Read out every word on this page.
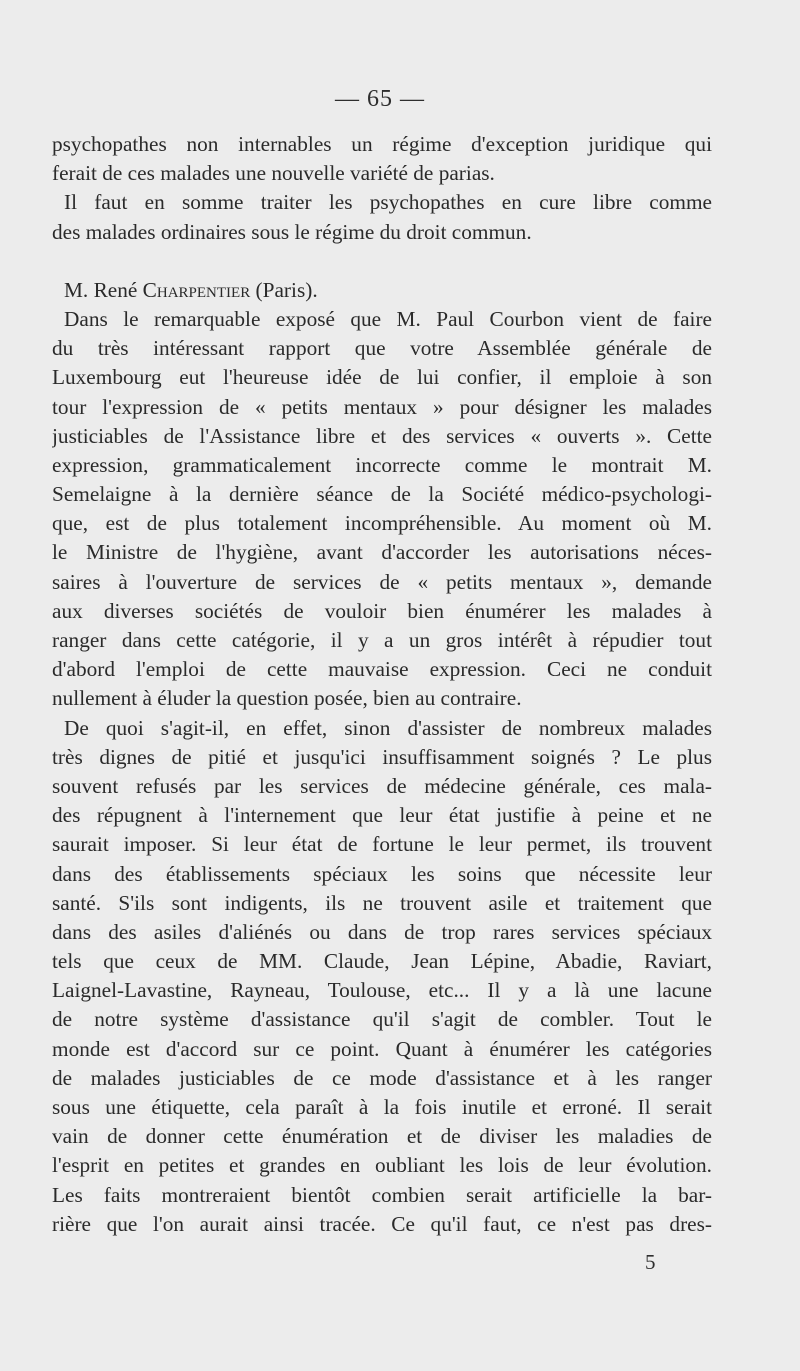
— 65 —
psychopathes non internables un régime d'exception juridique qui
ferait de ces malades une nouvelle variété de parias.
Il faut en somme traiter les psychopathes en cure libre comme
des malades ordinaires sous le régime du droit commun.
M. René Charpentier (Paris).
Dans le remarquable exposé que M. Paul Courbon vient de faire
du très intéressant rapport que votre Assemblée générale de
Luxembourg eut l'heureuse idée de lui confier, il emploie à son
tour l'expression de « petits mentaux » pour désigner les malades
justiciables de l'Assistance libre et des services « ouverts ». Cette
expression, grammaticalement incorrecte comme le montrait M.
Semelaigne à la dernière séance de la Société médico-psychologi-
que, est de plus totalement incompréhensible. Au moment où M.
le Ministre de l'hygiène, avant d'accorder les autorisations néces-
saires à l'ouverture de services de « petits mentaux », demande
aux diverses sociétés de vouloir bien énumérer les malades à
ranger dans cette catégorie, il y a un gros intérêt à répudier tout
d'abord l'emploi de cette mauvaise expression. Ceci ne conduit
nullement à éluder la question posée, bien au contraire.
De quoi s'agit-il, en effet, sinon d'assister de nombreux malades
très dignes de pitié et jusqu'ici insuffisamment soignés ? Le plus
souvent refusés par les services de médecine générale, ces mala-
des répugnent à l'internement que leur état justifie à peine et ne
saurait imposer. Si leur état de fortune le leur permet, ils trouvent
dans des établissements spéciaux les soins que nécessite leur
santé. S'ils sont indigents, ils ne trouvent asile et traitement que
dans des asiles d'aliénés ou dans de trop rares services spéciaux
tels que ceux de MM. Claude, Jean Lépine, Abadie, Raviart,
Laignel-Lavastine, Rayneau, Toulouse, etc... Il y a là une lacune
de notre système d'assistance qu'il s'agit de combler. Tout le
monde est d'accord sur ce point. Quant à énumérer les catégories
de malades justiciables de ce mode d'assistance et à les ranger
sous une étiquette, cela paraît à la fois inutile et erroné. Il serait
vain de donner cette énumération et de diviser les maladies de
l'esprit en petites et grandes en oubliant les lois de leur évolution.
Les faits montreraient bientôt combien serait artificielle la bar-
rière que l'on aurait ainsi tracée. Ce qu'il faut, ce n'est pas dres-
5
